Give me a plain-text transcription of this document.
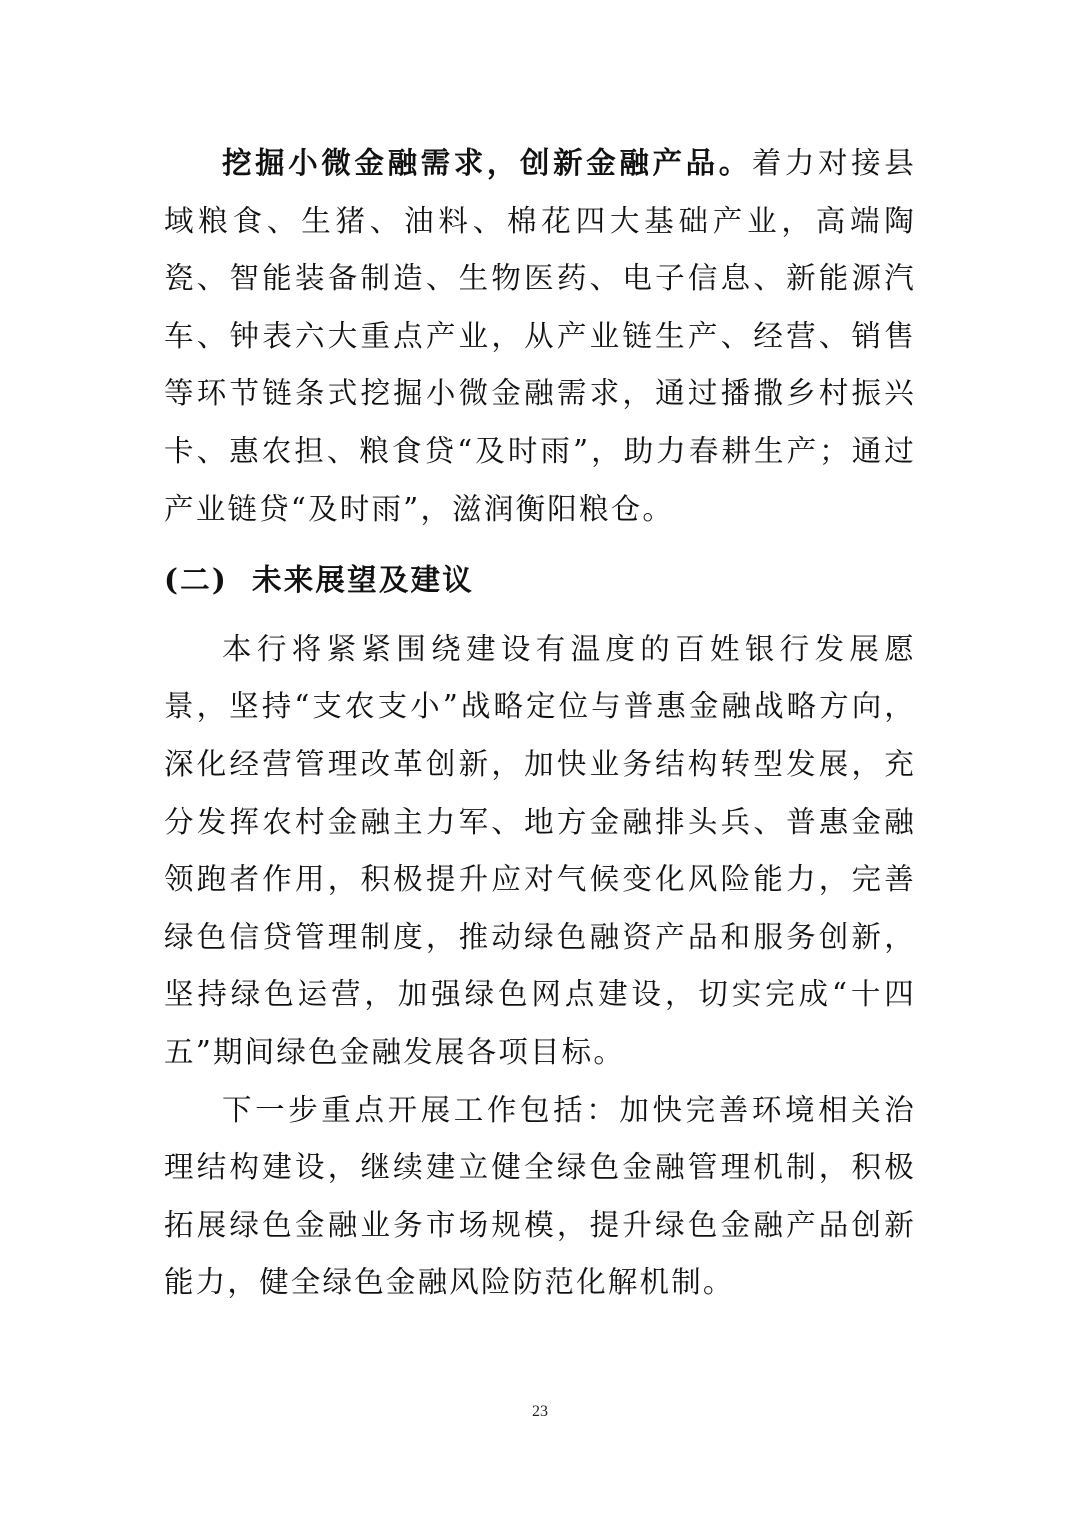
挖掘小微金融需求，创新金融产品。着力对接县域粮食、生猪、油料、棉花四大基础产业，高端陶瓷、智能装备制造、生物医药、电子信息、新能源汽车、钟表六大重点产业，从产业链生产、经营、销售等环节链条式挖掘小微金融需求，通过播撒乡村振兴卡、惠农担、粮食贷“及时雨”，助力春耕生产；通过产业链贷“及时雨”，滋润衡阳粮仓。

(二) 未来展望及建议

本行将紧紧围绕建设有温度的百姓银行发展愿景，坚持“支农支小”战略定位与普惠金融战略方向，深化经营管理改革创新，加快业务结构转型发展，充分发挥农村金融主力军、地方金融排头兵、普惠金融领跑者作用，积极提升应对气候变化风险能力，完善绿色信贷管理制度，推动绿色融资产品和服务创新，坚持绿色运营，加强绿色网点建设，切实完成“十四五”期间绿色金融发展各项目标。

下一步重点开展工作包括：加快完善环境相关治理结构建设，继续建立健全绿色金融管理机制，积极拓展绿色金融业务市场规模，提升绿色金融产品创新能力，健全绿色金融风险防范化解机制。

23
